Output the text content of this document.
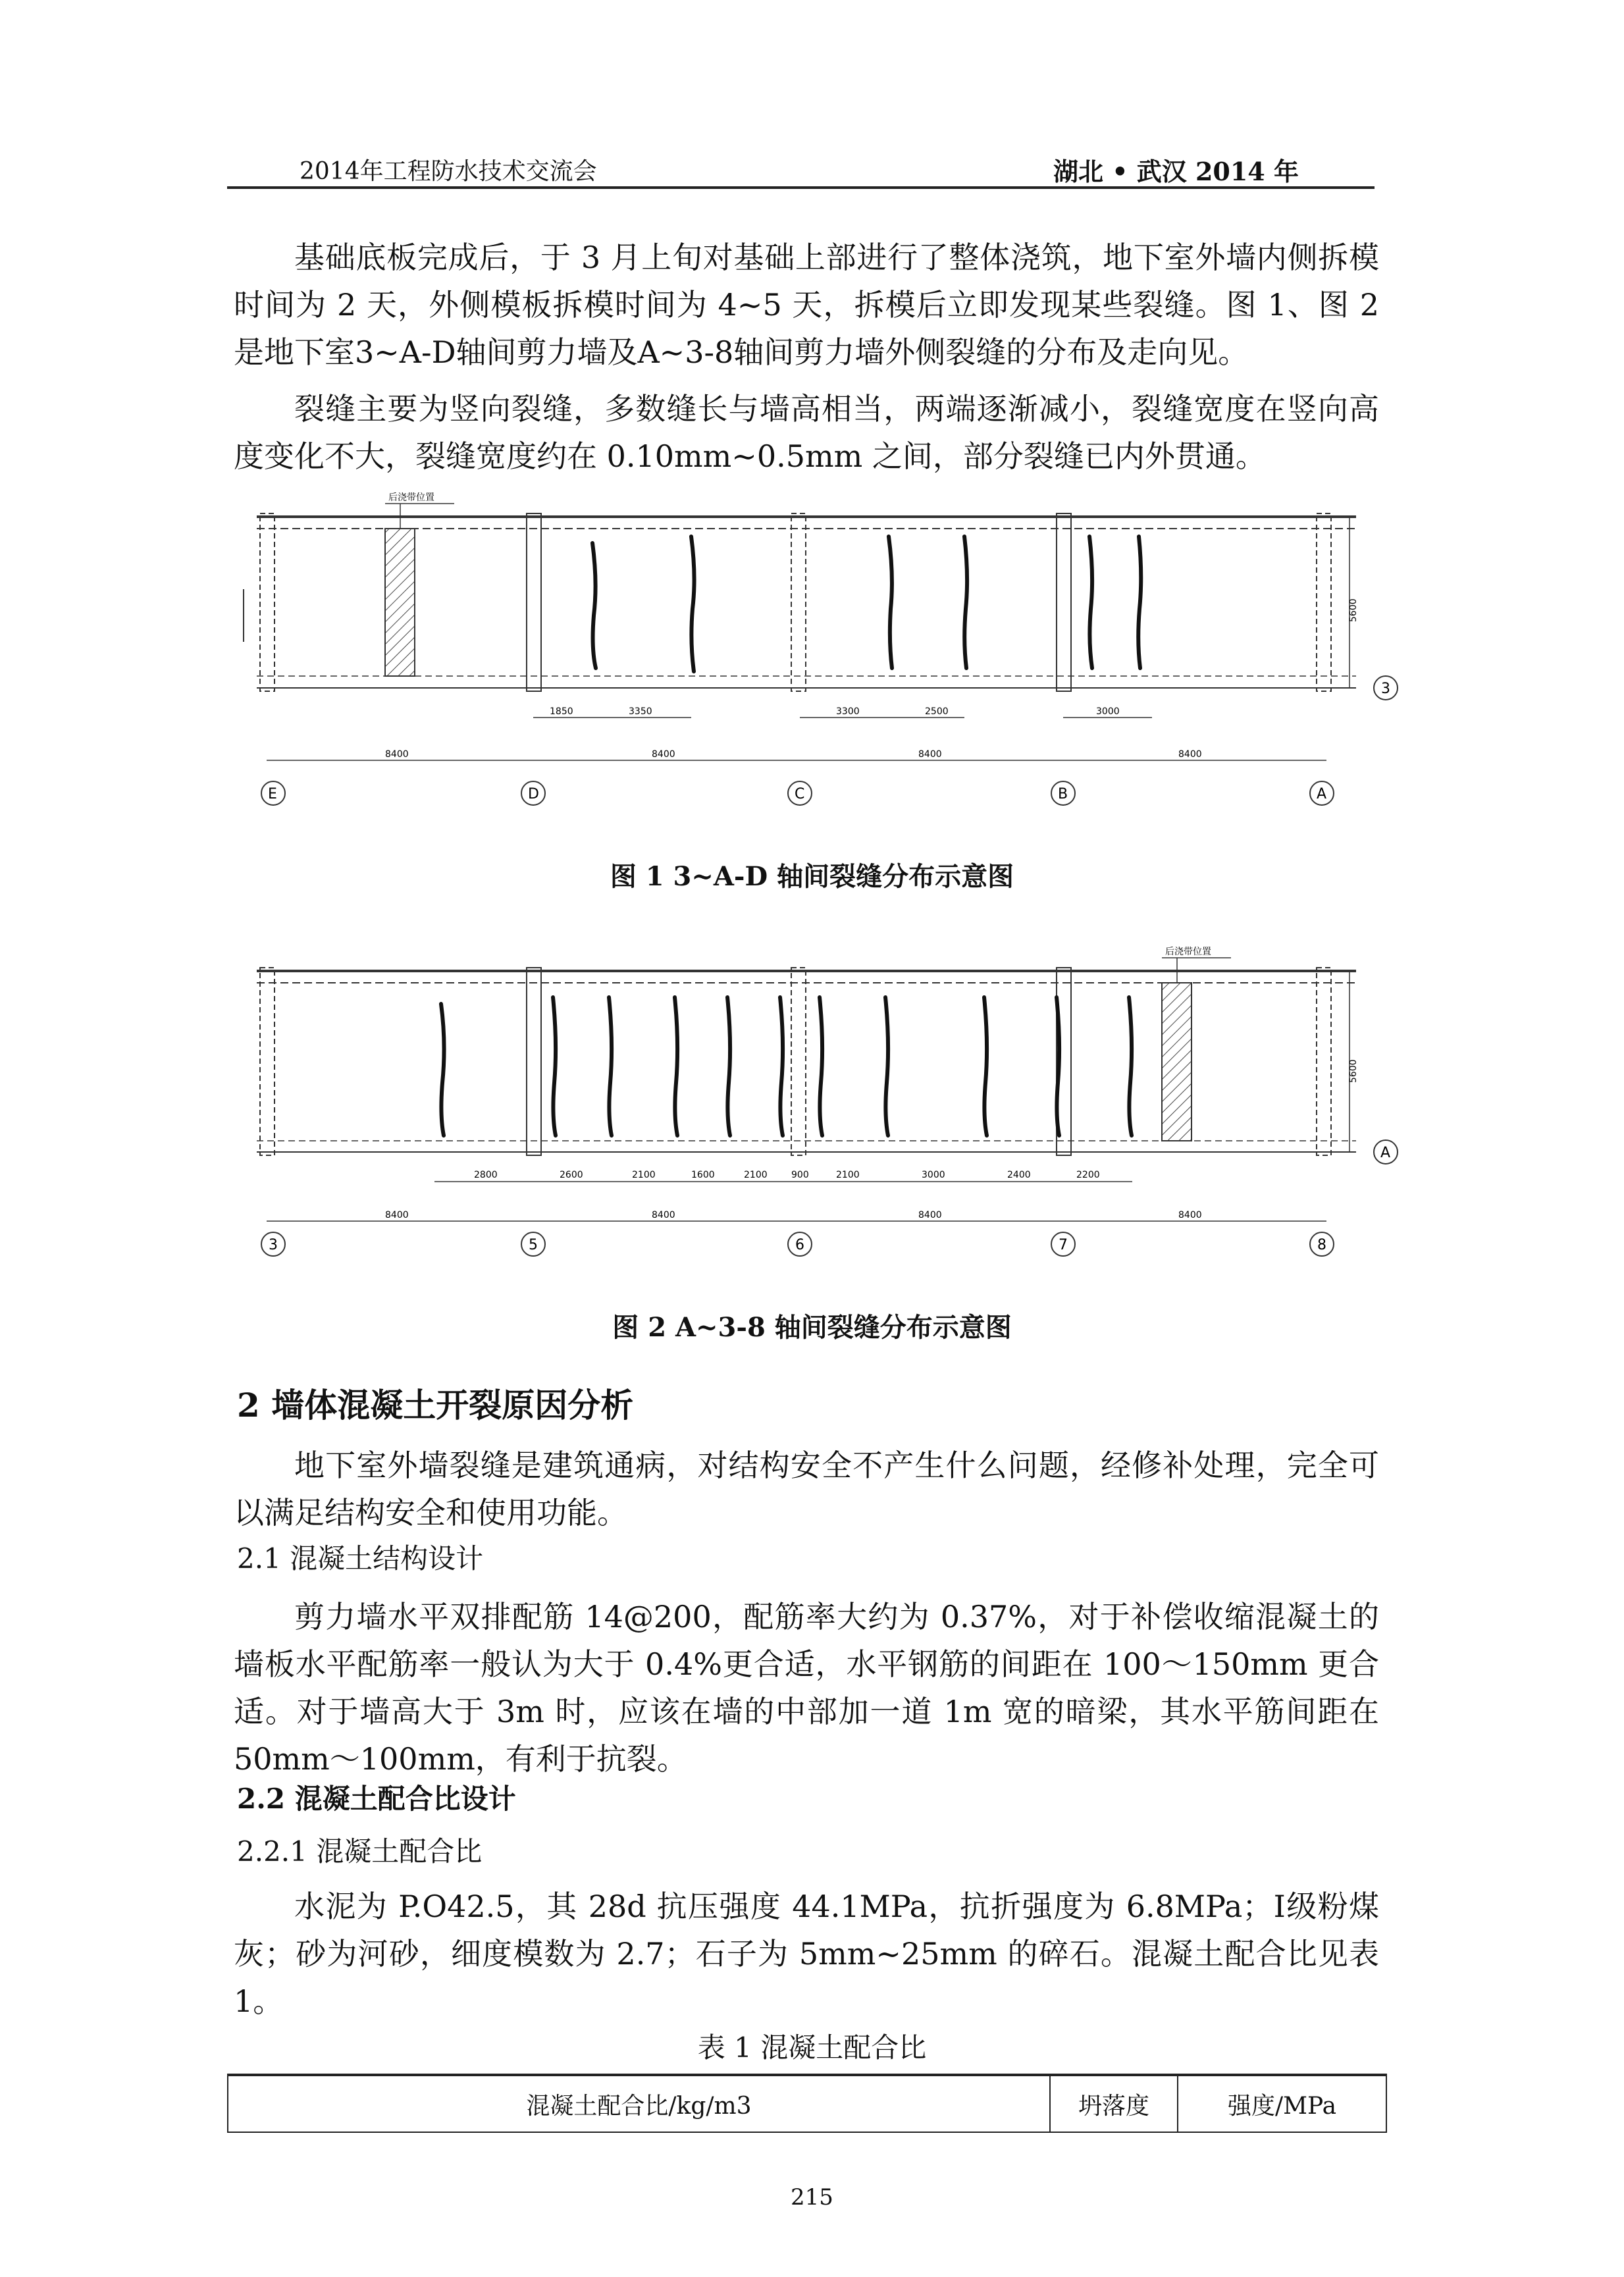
2014年工程防水技术交流会	湖北 • 武汉 2014 年

基础底板完成后，于 3 月上旬对基础上部进行了整体浇筑，地下室外墙内侧拆模时间为 2 天，外侧模板拆模时间为 4~5 天，拆模后立即发现某些裂缝。图 1、图 2 是地下室3~A-D轴间剪力墙及A~3-8轴间剪力墙外侧裂缝的分布及走向见。

裂缝主要为竖向裂缝，多数缝长与墙高相当，两端逐渐减小，裂缝宽度在竖向高度变化不大，裂缝宽度约在 0.10mm~0.5mm 之间，部分裂缝已内外贯通。

后浇带位置
5600
1850	3350	3300	2500	3000
8400	8400	8400	8400
E	D	C	B	A
3

图 1 3~A-D 轴间裂缝分布示意图

后浇带位置
5600
2800	2600	2100	1600	2100	900	2100	3000	2400	2200
8400	8400	8400	8400
3	5	6	7	8
A

图 2 A~3-8 轴间裂缝分布示意图

2 墙体混凝土开裂原因分析

地下室外墙裂缝是建筑通病，对结构安全不产生什么问题，经修补处理，完全可以满足结构安全和使用功能。

2.1 混凝土结构设计

剪力墙水平双排配筋 14@200，配筋率大约为 0.37%，对于补偿收缩混凝土的墙板水平配筋率一般认为大于 0.4%更合适，水平钢筋的间距在 100～150mm 更合适。对于墙高大于 3m 时，应该在墙的中部加一道 1m 宽的暗梁，其水平筋间距在 50mm～100mm，有利于抗裂。

2.2 混凝土配合比设计

2.2.1 混凝土配合比

水泥为 P.O42.5，其 28d 抗压强度 44.1MPa，抗折强度为 6.8MPa；Ⅰ级粉煤灰；砂为河砂，细度模数为 2.7；石子为 5mm~25mm 的碎石。混凝土配合比见表 1。

表 1 混凝土配合比

混凝土配合比/kg/m3	坍落度	强度/MPa
215
